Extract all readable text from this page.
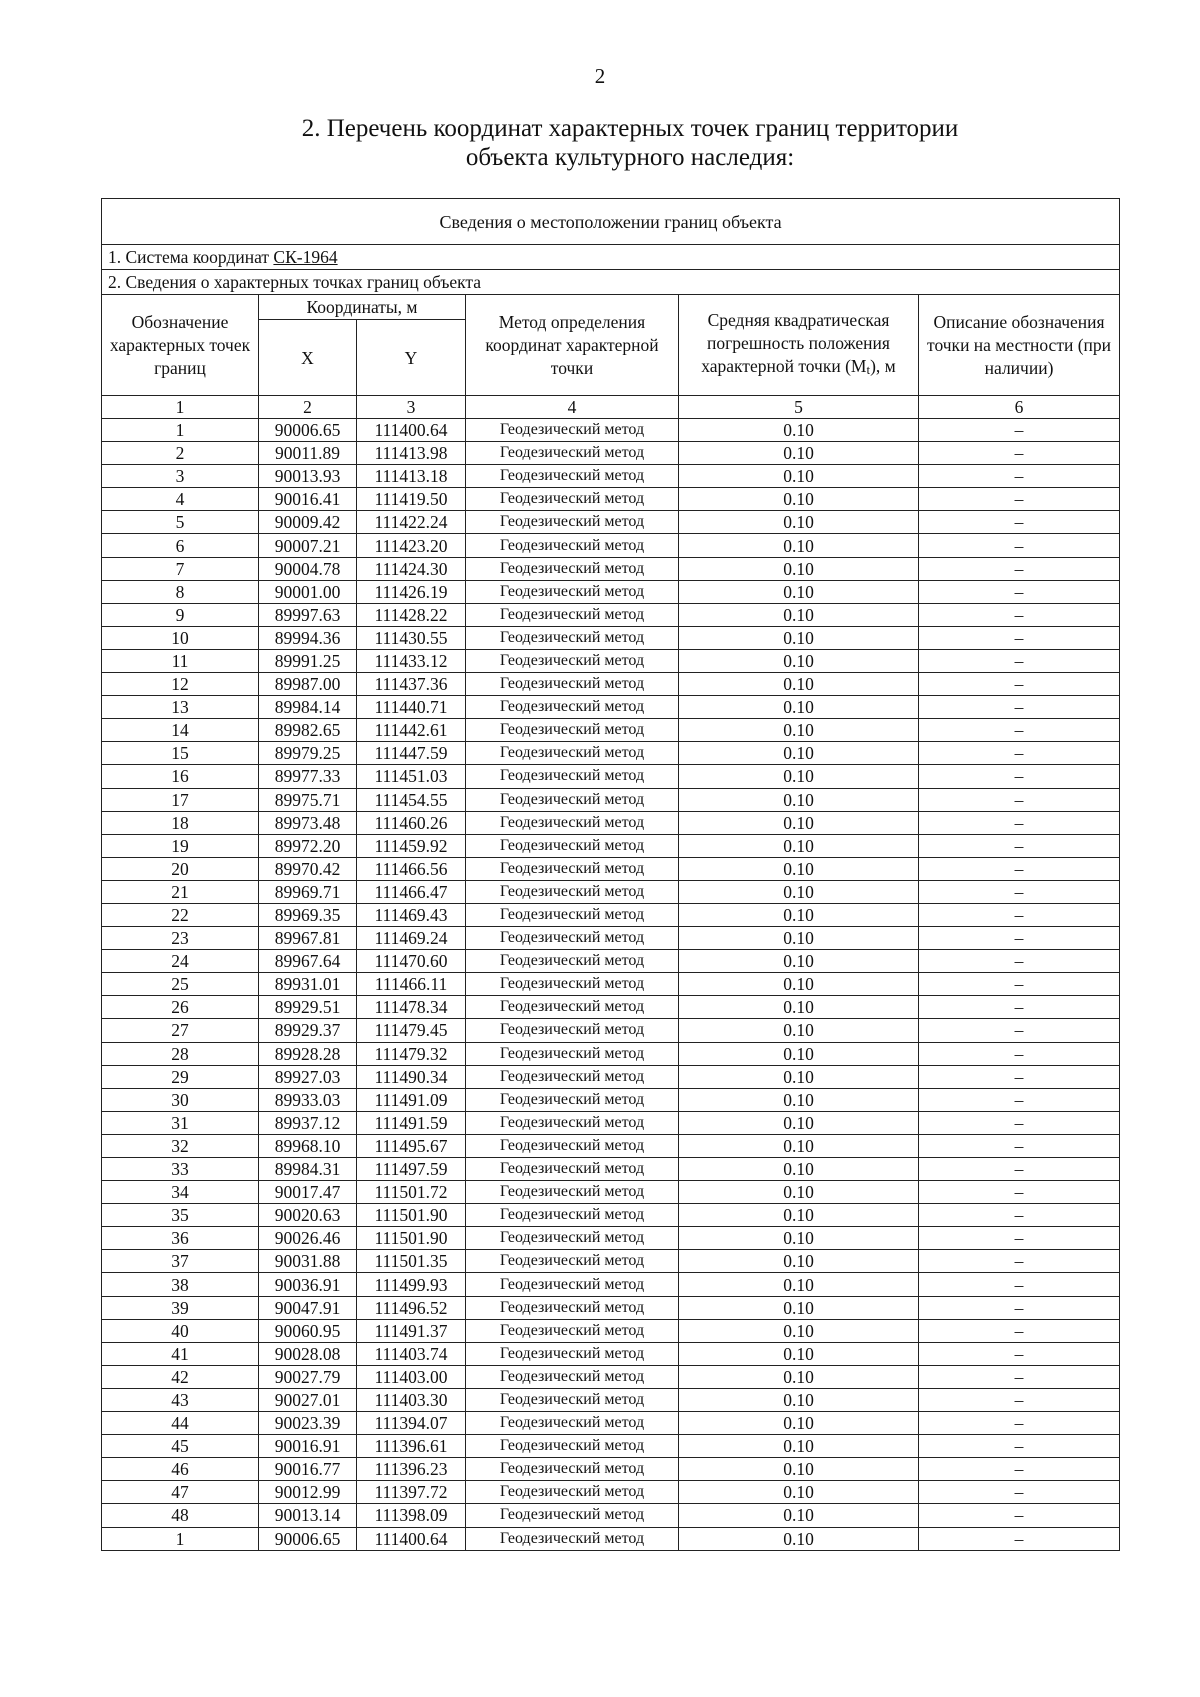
2
2. Перечень координат характерных точек границ территории
объекта культурного наследия:
Сведения о местоположении границ объекта					
1. Система координат СК-1964					
2. Сведения о характерных точках границ объекта					
Обозначение характерных точек границ	Координаты, м		Метод определения координат характерной точки	Средняя квадратическая погрешность положения характерной точки (Mt), м	Описание обозначения точки на местности (при наличии)
	X	Y			
1	2	3	4	5	6
1	90006.65	111400.64	Геодезический метод	0.10	–
2	90011.89	111413.98	Геодезический метод	0.10	–
3	90013.93	111413.18	Геодезический метод	0.10	–
4	90016.41	111419.50	Геодезический метод	0.10	–
5	90009.42	111422.24	Геодезический метод	0.10	–
6	90007.21	111423.20	Геодезический метод	0.10	–
7	90004.78	111424.30	Геодезический метод	0.10	–
8	90001.00	111426.19	Геодезический метод	0.10	–
9	89997.63	111428.22	Геодезический метод	0.10	–
10	89994.36	111430.55	Геодезический метод	0.10	–
11	89991.25	111433.12	Геодезический метод	0.10	–
12	89987.00	111437.36	Геодезический метод	0.10	–
13	89984.14	111440.71	Геодезический метод	0.10	–
14	89982.65	111442.61	Геодезический метод	0.10	–
15	89979.25	111447.59	Геодезический метод	0.10	–
16	89977.33	111451.03	Геодезический метод	0.10	–
17	89975.71	111454.55	Геодезический метод	0.10	–
18	89973.48	111460.26	Геодезический метод	0.10	–
19	89972.20	111459.92	Геодезический метод	0.10	–
20	89970.42	111466.56	Геодезический метод	0.10	–
21	89969.71	111466.47	Геодезический метод	0.10	–
22	89969.35	111469.43	Геодезический метод	0.10	–
23	89967.81	111469.24	Геодезический метод	0.10	–
24	89967.64	111470.60	Геодезический метод	0.10	–
25	89931.01	111466.11	Геодезический метод	0.10	–
26	89929.51	111478.34	Геодезический метод	0.10	–
27	89929.37	111479.45	Геодезический метод	0.10	–
28	89928.28	111479.32	Геодезический метод	0.10	–
29	89927.03	111490.34	Геодезический метод	0.10	–
30	89933.03	111491.09	Геодезический метод	0.10	–
31	89937.12	111491.59	Геодезический метод	0.10	–
32	89968.10	111495.67	Геодезический метод	0.10	–
33	89984.31	111497.59	Геодезический метод	0.10	–
34	90017.47	111501.72	Геодезический метод	0.10	–
35	90020.63	111501.90	Геодезический метод	0.10	–
36	90026.46	111501.90	Геодезический метод	0.10	–
37	90031.88	111501.35	Геодезический метод	0.10	–
38	90036.91	111499.93	Геодезический метод	0.10	–
39	90047.91	111496.52	Геодезический метод	0.10	–
40	90060.95	111491.37	Геодезический метод	0.10	–
41	90028.08	111403.74	Геодезический метод	0.10	–
42	90027.79	111403.00	Геодезический метод	0.10	–
43	90027.01	111403.30	Геодезический метод	0.10	–
44	90023.39	111394.07	Геодезический метод	0.10	–
45	90016.91	111396.61	Геодезический метод	0.10	–
46	90016.77	111396.23	Геодезический метод	0.10	–
47	90012.99	111397.72	Геодезический метод	0.10	–
48	90013.14	111398.09	Геодезический метод	0.10	–
1	90006.65	111400.64	Геодезический метод	0.10	–
